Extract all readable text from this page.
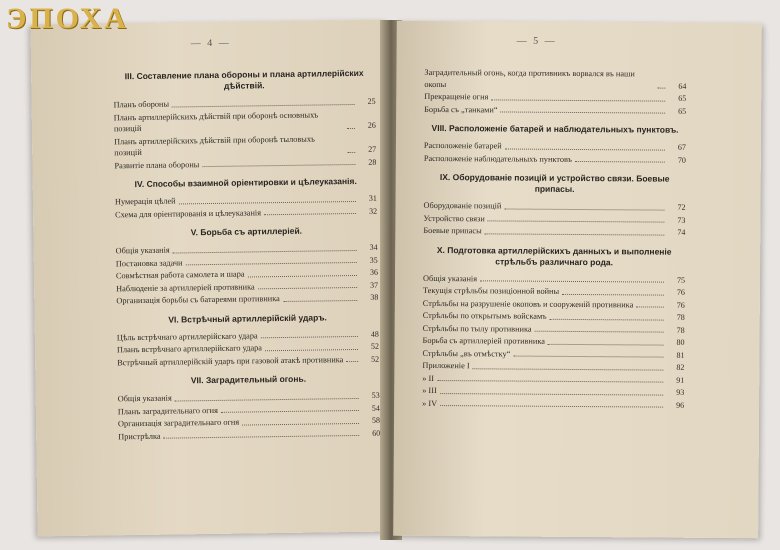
— 4 —
III. Составление плана обороны и плана артиллерійских дѣйствій.
Планъ обороны	25
Планъ артиллерійскихъ дѣйствій при оборонѣ основныхъ позицій	26
Планъ артиллерійскихъ дѣйствій при оборонѣ тыловыхъ позицій	27
Развитіе плана обороны	28
IV. Способы взаимной оріентировки и цѣлеуказанія.
Нумерація цѣлей	31
Схема для оріентированія и цѣлеуказанія	32
V. Борьба съ артиллеріей.
Общія указанія	34
Постановка задачи	35
Совмѣстная работа самолета и шара	36
Наблюденіе за артиллеріей противника	37
Организація борьбы съ батареями противника	38
VI. Встрѣчный артиллерійскій ударъ.
Цѣль встрѣчнаго артиллерійскаго удара	48
Планъ встрѣчнаго артиллерійскаго удара	52
Встрѣчный артиллерійскій ударъ при газовой атакѣ противника	52
VII. Заградительный огонь.
Общія указанія	53
Планъ заградительнаго огня	54
Организація заградительнаго огня	58
Пристрѣлка	60
— 5 —
Заградительный огонь, когда противникъ ворвался въ наши окопы	64
Прекращеніе огня	65
Борьба съ „танками“	65
VIII. Расположеніе батарей и наблюдательныхъ пунктовъ.
Расположеніе батарей	67
Расположеніе наблюдательныхъ пунктовъ	70
IX. Оборудованіе позицій и устройство связи. Боевые припасы.
Оборудованіе позицій	72
Устройство связи	73
Боевые припасы	74
X. Подготовка артиллерійскихъ данныхъ и выполненіе стрѣльбъ различнаго рода.
Общія указанія	75
Текущія стрѣльбы позиціонной войны	76
Стрѣльбы на разрушеніе окоповъ и сооруженій противника	76
Стрѣльбы по открытымъ войскамъ	78
Стрѣльбы по тылу противника	78
Борьба съ артиллеріей противника	80
Стрѣльбы „въ отмѣстку“	81
Приложеніе I	82
» II	91
» III	93
» IV	96
ЭПОХА
